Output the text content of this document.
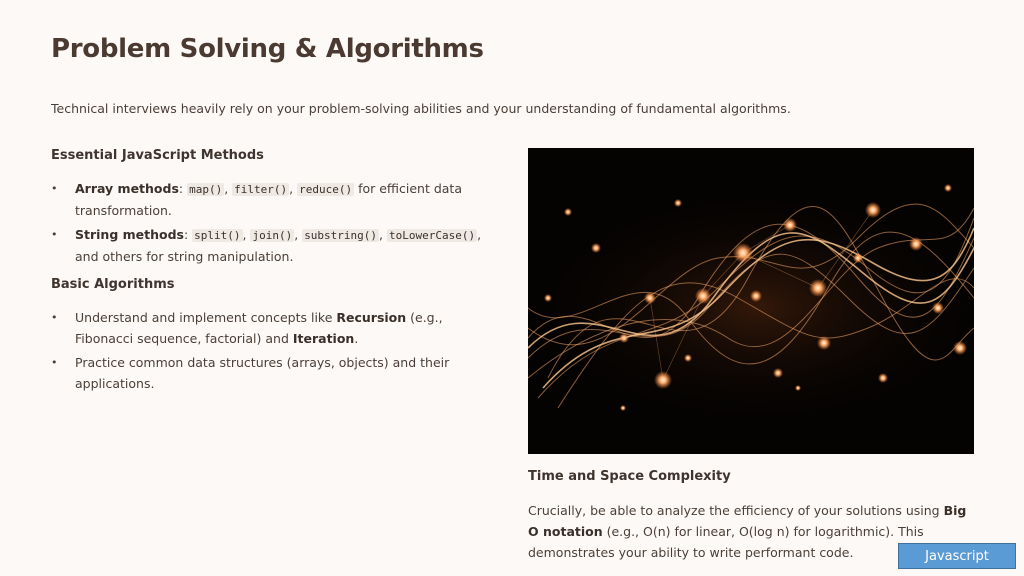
Problem Solving & Algorithms

Technical interviews heavily rely on your problem-solving abilities and your understanding of fundamental algorithms.

Essential JavaScript Methods
• Array methods: map() , filter() , reduce() for efficient data transformation.
• String methods: split() , join() , substring() , toLowerCase() , and others for string manipulation.
Basic Algorithms
• Understand and implement concepts like Recursion (e.g., Fibonacci sequence, factorial) and Iteration.
• Practice common data structures (arrays, objects) and their applications.
Time and Space Complexity

Crucially, be able to analyze the efficiency of your solutions using Big O notation (e.g., O(n) for linear, O(log n) for logarithmic). This demonstrates your ability to write performant code.	Javascript
